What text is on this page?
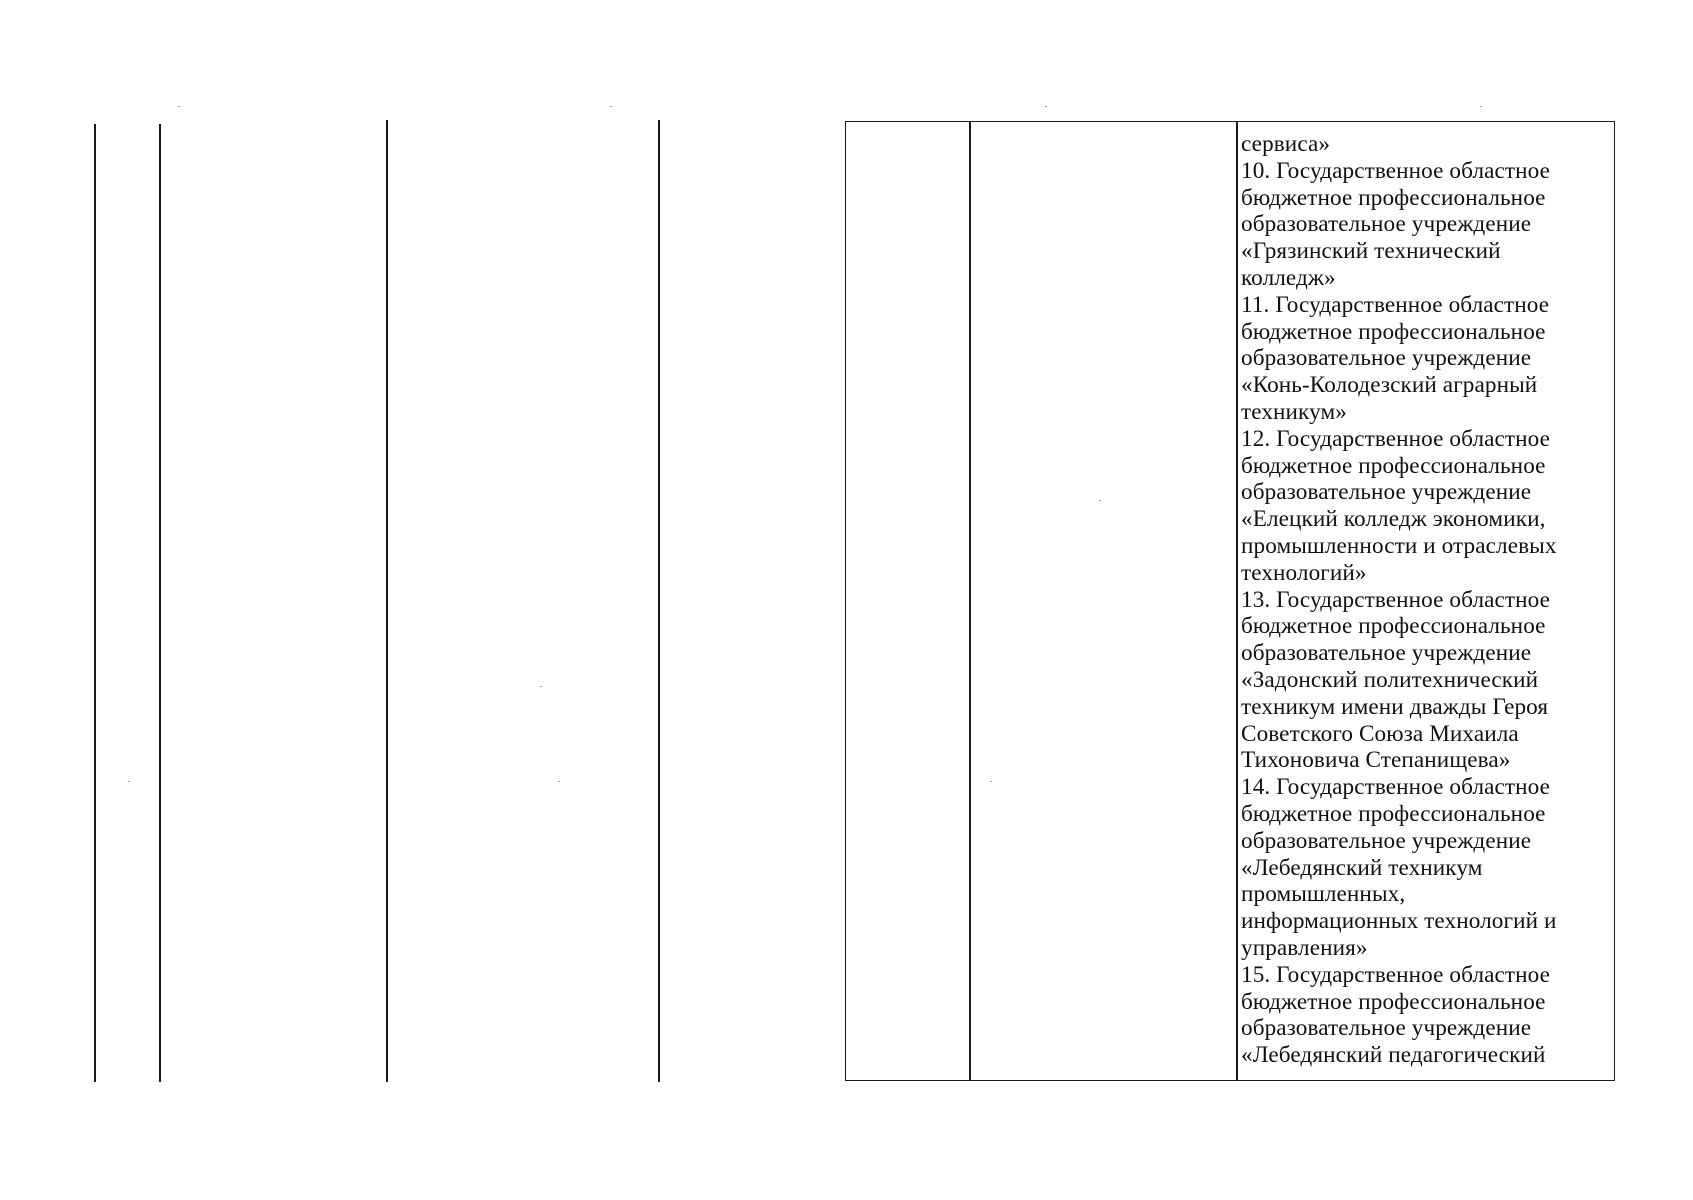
сервиса»
10. Государственное областное
бюджетное профессиональное
образовательное учреждение
«Грязинский технический
колледж»
11. Государственное областное
бюджетное профессиональное
образовательное учреждение
«Конь-Колодезский аграрный
техникум»
12. Государственное областное
бюджетное профессиональное
образовательное учреждение
«Елецкий колледж экономики,
промышленности и отраслевых
технологий»
13. Государственное областное
бюджетное профессиональное
образовательное учреждение
«Задонский политехнический
техникум имени дважды Героя
Советского Союза Михаила
Тихоновича Степанищева»
14. Государственное областное
бюджетное профессиональное
образовательное учреждение
«Лебедянский техникум
промышленных,
информационных технологий и
управления»
15. Государственное областное
бюджетное профессиональное
образовательное учреждение
«Лебедянский педагогический
